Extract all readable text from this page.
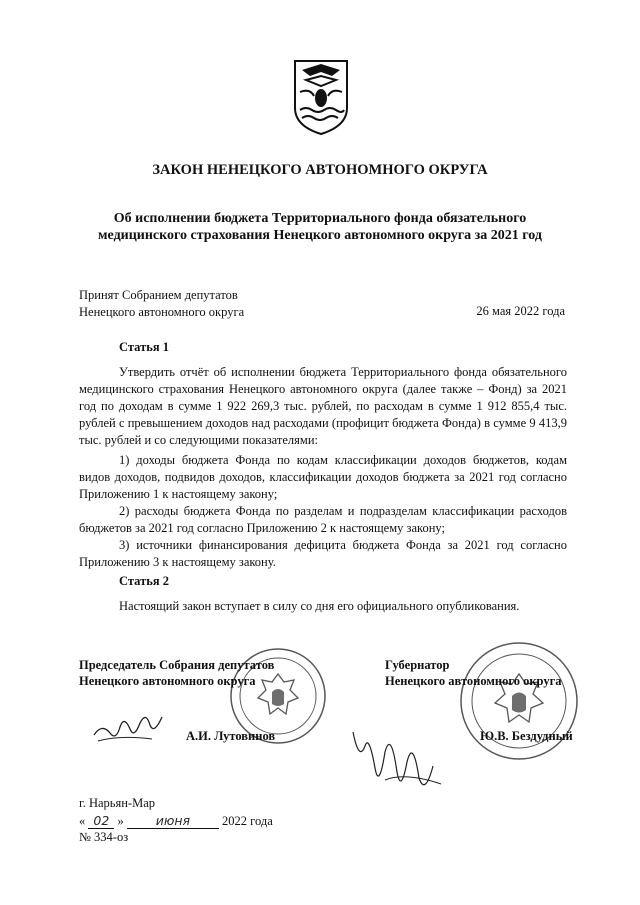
ЗАКОН НЕНЕЦКОГО АВТОНОМНОГО ОКРУГА
Об исполнении бюджета Территориального фонда обязательного
медицинского страхования Ненецкого автономного округа за 2021 год
Принят Собранием депутатов
Ненецкого автономного округа	26 мая 2022 года
Статья 1
Утвердить отчёт об исполнении бюджета Территориального фонда обязательного медицинского страхования Ненецкого автономного округа (далее также – Фонд) за 2021 год по доходам в сумме 1 922 269,3 тыс. рублей, по расходам в сумме 1 912 855,4 тыс. рублей с превышением доходов над расходами (профицит бюджета Фонда) в сумме 9 413,9 тыс. рублей и со следующими показателями:
1) доходы бюджета Фонда по кодам классификации доходов бюджетов, кодам видов доходов, подвидов доходов, классификации доходов бюджета за 2021 год согласно Приложению 1 к настоящему закону;
2) расходы бюджета Фонда по разделам и подразделам классификации расходов бюджетов за 2021 год согласно Приложению 2 к настоящему закону;
3) источники финансирования дефицита бюджета Фонда за 2021 год согласно Приложению 3 к настоящему закону.
Статья 2
Настоящий закон вступает в силу со дня его официального опубликования.
Председатель Собрания депутатов
Ненецкого автономного округа
Губернатор
Ненецкого автономного округа
А.И. Лутовинов	Ю.В. Бездудный
г. Нарьян-Мар
« 02 »	июня	2022 года
№ 334-оз
